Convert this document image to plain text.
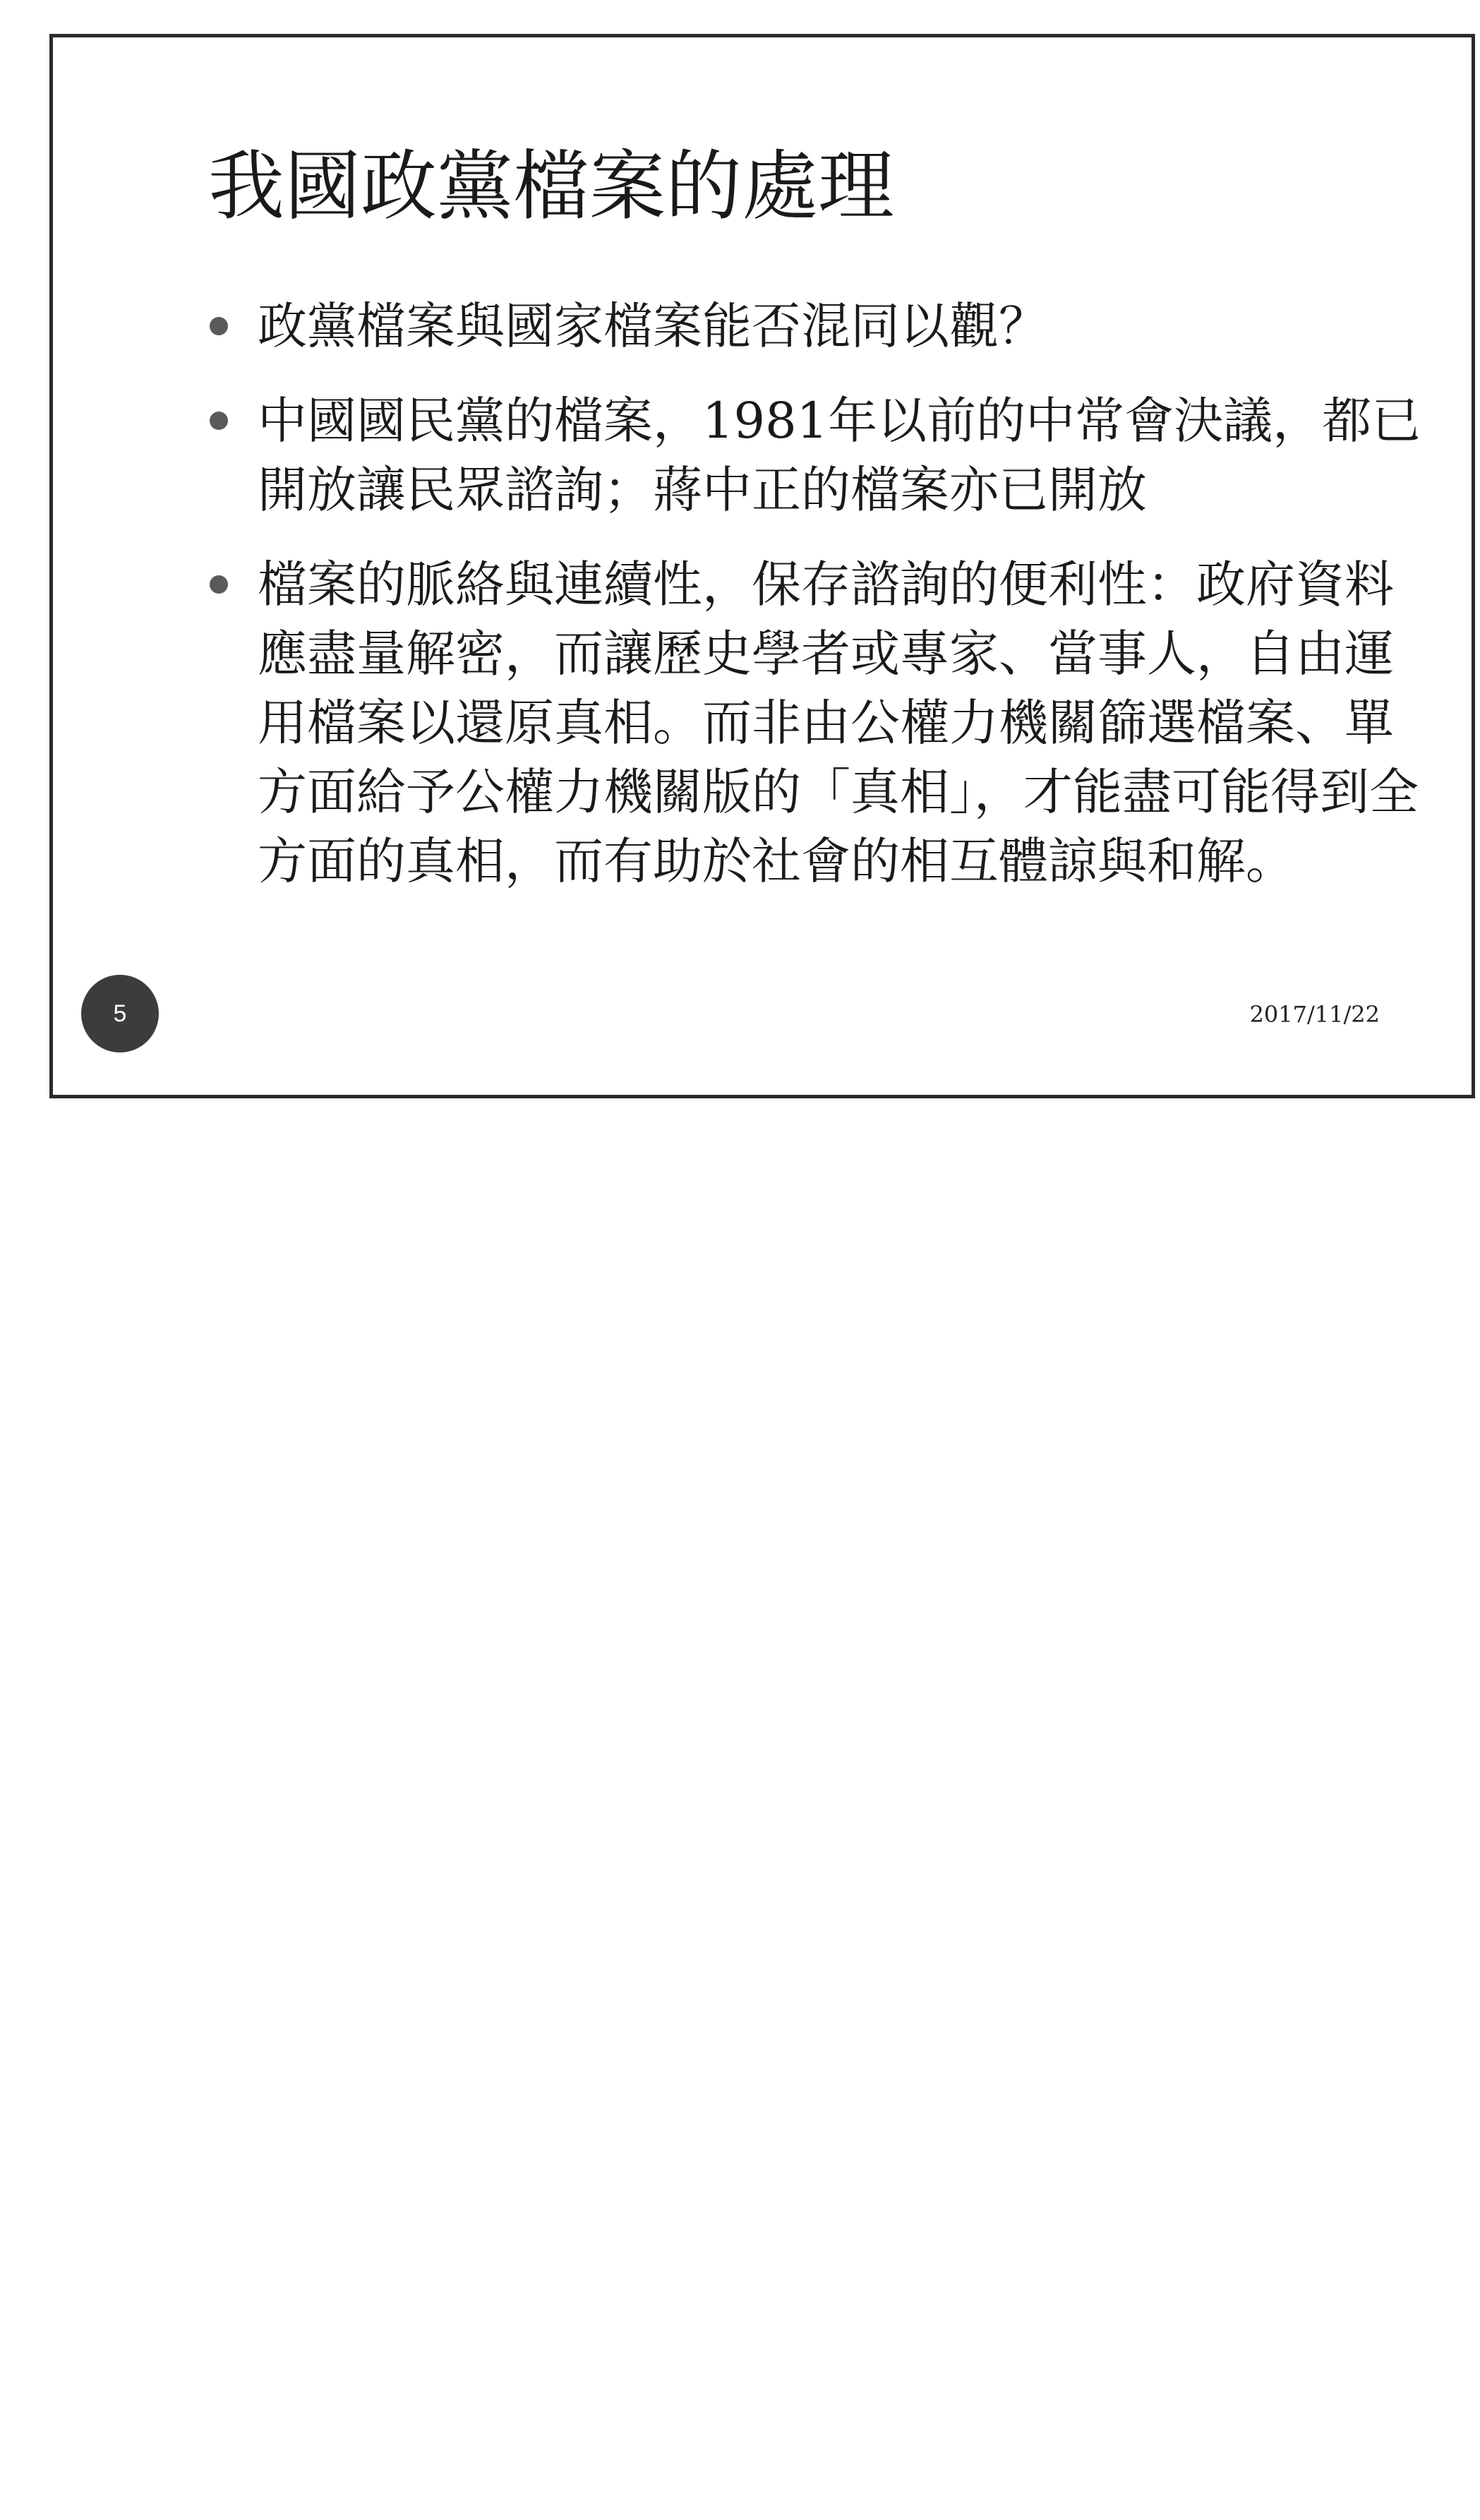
我國政黨檔案的處理
政黨檔案與國家檔案能否混同以觀？
中國國民黨的檔案，1981年以前的中常會決議，都已開放讓民眾諮詢；蔣中正的檔案亦已開放
檔案的脈絡與連續性，保存諮詢的便利性：政府資料應盡量解密，而讓歷史學者或專家、當事人，自由運用檔案以還原真相。而非由公權力機關篩選檔案、單方面給予公權力機關版的「真相」，才能盡可能得到全方面的真相，而有助於社會的相互體諒與和解。
5	2017/11/22
